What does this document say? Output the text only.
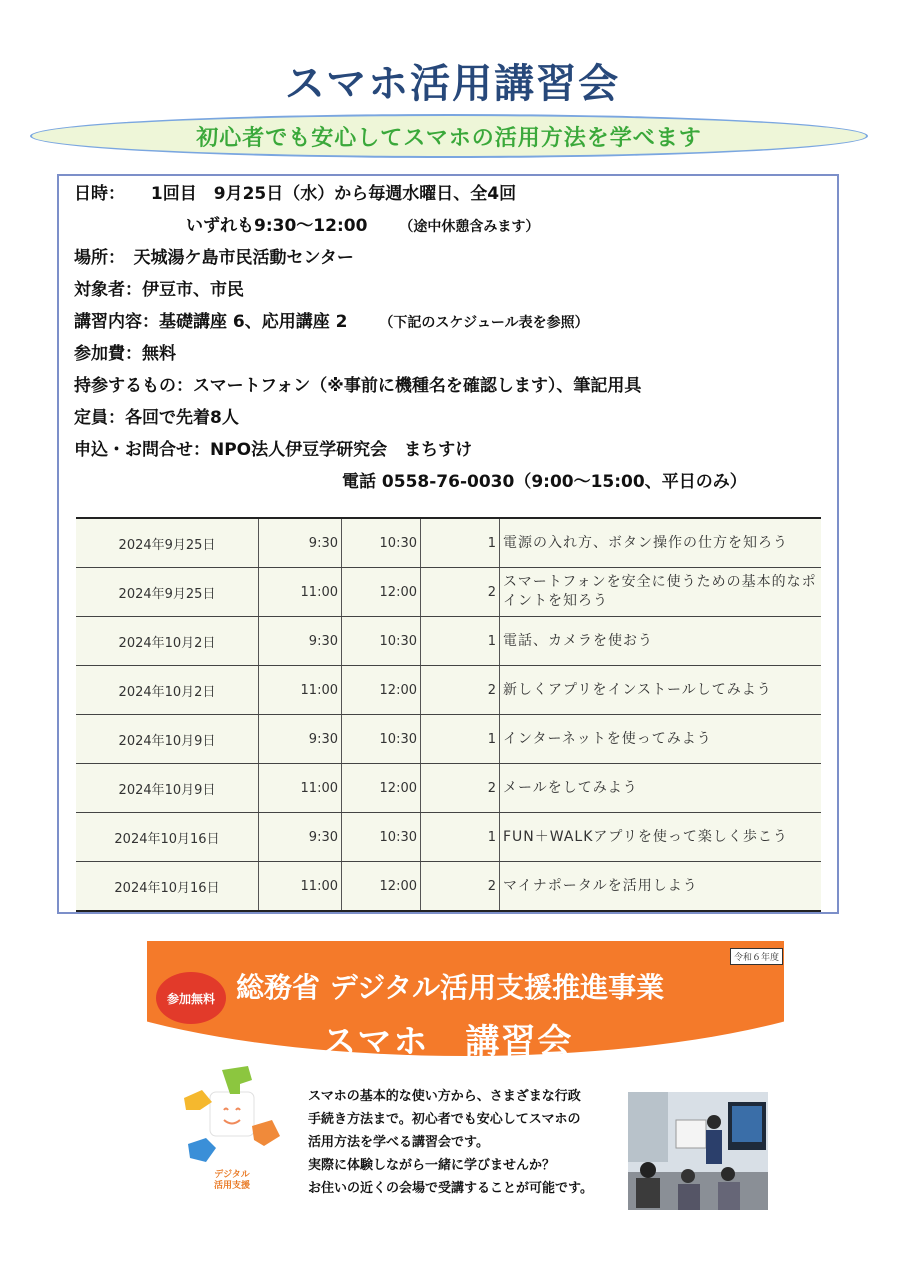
スマホ活用講習会
初心者でも安心してスマホの活用方法を学べます
日時： 1回目　9月25日（水）から毎週水曜日、全4回
いずれも9:30～12:00 （途中休憩含みます）
場所：　天城湯ケ島市民活動センター
対象者：伊豆市、市民
講習内容：基礎講座 6、応用講座 2 （下記のスケジュール表を参照）
参加費：無料
持参するもの：スマートフォン（※事前に機種名を確認します）、筆記用具
定員：各回で先着8人
申込・お問合せ：NPO法人伊豆学研究会　まちすけ
電話 0558-76-0030（9:00～15:00、平日のみ）
2024年9月25日	9:30	10:30	1	電源の入れ方、ボタン操作の仕方を知ろう
2024年9月25日	11:00	12:00	2	スマートフォンを安全に使うための基本的なポイントを知ろう
2024年10月2日	9:30	10:30	1	電話、カメラを使おう
2024年10月2日	11:00	12:00	2	新しくアプリをインストールしてみよう
2024年10月9日	9:30	10:30	1	インターネットを使ってみよう
2024年10月9日	11:00	12:00	2	メールをしてみよう
2024年10月16日	9:30	10:30	1	FUN＋WALKアプリを使って楽しく歩こう
2024年10月16日	11:00	12:00	2	マイナポータルを活用しよう
参加無料
令和６年度
総務省 デジタル活用支援推進事業
スマホ　講習会
デジタル
活用支援
スマホの基本的な使い方から、さまざまな行政
手続き方法まで。初心者でも安心してスマホの
活用方法を学べる講習会です。
実際に体験しながら一緒に学びませんか？
お住いの近くの会場で受講することが可能です。
